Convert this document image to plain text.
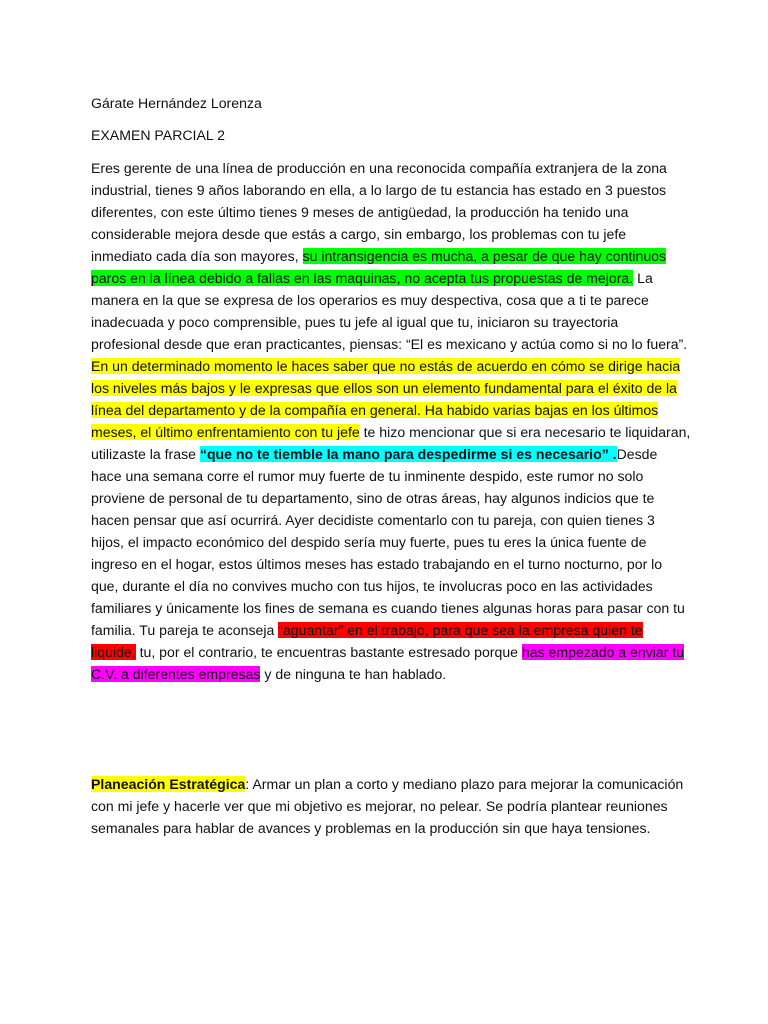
Gárate Hernández Lorenza

EXAMEN PARCIAL 2

Eres gerente de una línea de producción en una reconocida compañía extranjera de la zona industrial, tienes 9 años laborando en ella, a lo largo de tu estancia has estado en 3 puestos diferentes, con este último tienes 9 meses de antigüedad, la producción ha tenido una considerable mejora desde que estás a cargo, sin embargo, los problemas con tu jefe inmediato cada día son mayores, su intransigencia es mucha, a pesar de que hay continuos paros en la línea debido a fallas en las maquinas, no acepta tus propuestas de mejora. La manera en la que se expresa de los operarios es muy despectiva, cosa que a ti te parece inadecuada y poco comprensible, pues tu jefe al igual que tu, iniciaron su trayectoria profesional desde que eran practicantes, piensas: “El es mexicano y actúa como si no lo fuera”. En un determinado momento le haces saber que no estás de acuerdo en cómo se dirige hacia los niveles más bajos y le expresas que ellos son un elemento fundamental para el éxito de la línea del departamento y de la compañía en general. Ha habido varias bajas en los últimos meses, el último enfrentamiento con tu jefe te hizo mencionar que si era necesario te liquidaran, utilizaste la frase “que no te tiemble la mano para despedirme si es necesario” .Desde hace una semana corre el rumor muy fuerte de tu inminente despido, este rumor no solo proviene de personal de tu departamento, sino de otras áreas, hay algunos indicios que te hacen pensar que así ocurrirá. Ayer decidiste comentarlo con tu pareja, con quien tienes 3 hijos, el impacto económico del despido sería muy fuerte, pues tu eres la única fuente de ingreso en el hogar, estos últimos meses has estado trabajando en el turno nocturno, por lo que, durante el día no convives mucho con tus hijos, te involucras poco en las actividades familiares y únicamente los fines de semana es cuando tienes algunas horas para pasar con tu familia. Tu pareja te aconseja “aguantar” en el trabajo, para que sea la empresa quien te liquide, tu, por el contrario, te encuentras bastante estresado porque has empezado a enviar tu C.V. a diferentes empresas y de ninguna te han hablado.

Planeación Estratégica: Armar un plan a corto y mediano plazo para mejorar la comunicación con mi jefe y hacerle ver que mi objetivo es mejorar, no pelear. Se podría plantear reuniones semanales para hablar de avances y problemas en la producción sin que haya tensiones.
